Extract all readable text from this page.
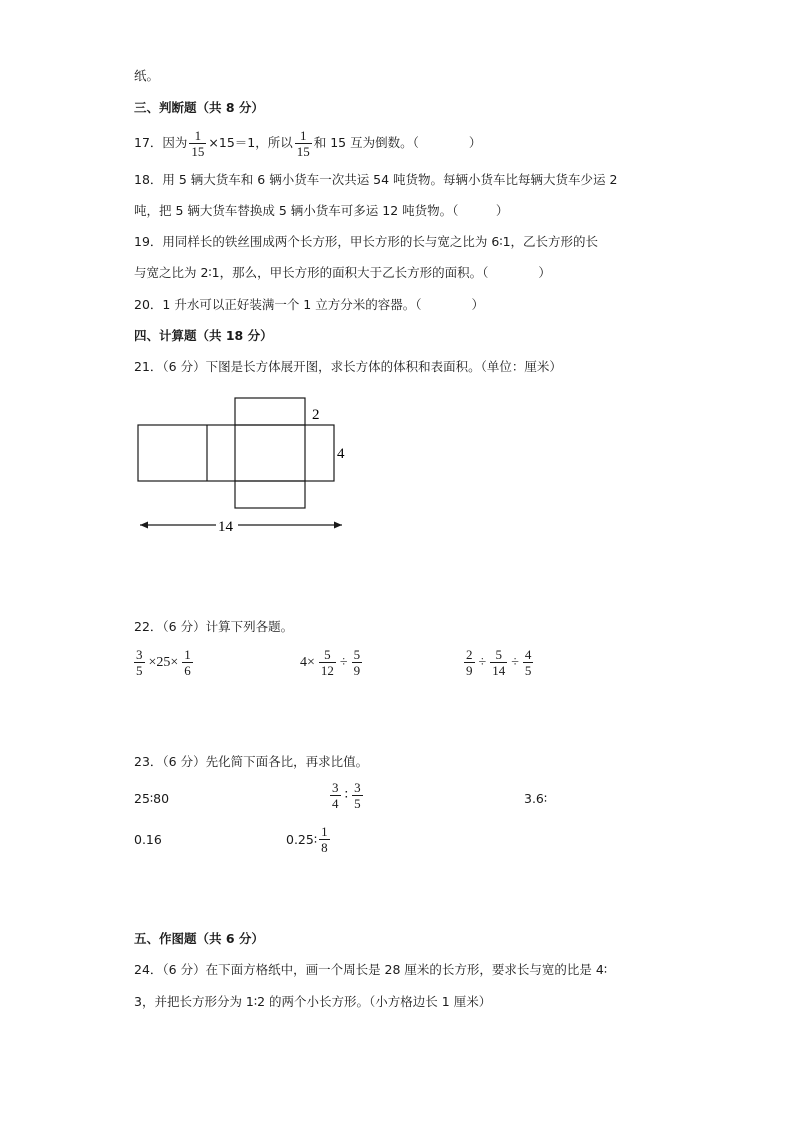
纸。
三、判断题（共 8 分）
17．因为 $\frac{1}{15} \times 15=1$，所以 $\frac{1}{15}$ 和 15 互为倒数。（　　　　）
18．用 5 辆大货车和 6 辆小货车一次共运 54 吨货物。每辆小货车比每辆大货车少运 2
吨，把 5 辆大货车替换成 5 辆小货车可多运 12 吨货物。（　　　）
19．用同样长的铁丝围成两个长方形，甲长方形的长与宽之比为 6∶1，乙长方形的长
与宽之比为 2∶1，那么，甲长方形的面积大于乙长方形的面积。（　　　　）
20．1 升水可以正好装满一个 1 立方分米的容器。（　　　　）
四、计算题（共 18 分）
21．（6 分）下图是长方体展开图，求长方体的体积和表面积。（单位：厘米）
2
4
14
22．（6 分）计算下列各题。
$\frac{3}{5} \times 25\times \frac{1}{6}$	$4\times \frac{5}{12} \div \frac{5}{9}$	$\frac{2}{9} \div \frac{5}{14} \div \frac{4}{5}$
23．（6 分）先化简下面各比，再求比值。
25∶80	$\frac{3}{4}$ ∶ $\frac{3}{5}$	3.6∶
0.16	0.25∶ $\frac{1}{8}$
五、作图题（共 6 分）
24．（6 分）在下面方格纸中，画一个周长是 28 厘米的长方形，要求长与宽的比是 4∶
3，并把长方形分为 1∶2 的两个小长方形。（小方格边长 1 厘米）
